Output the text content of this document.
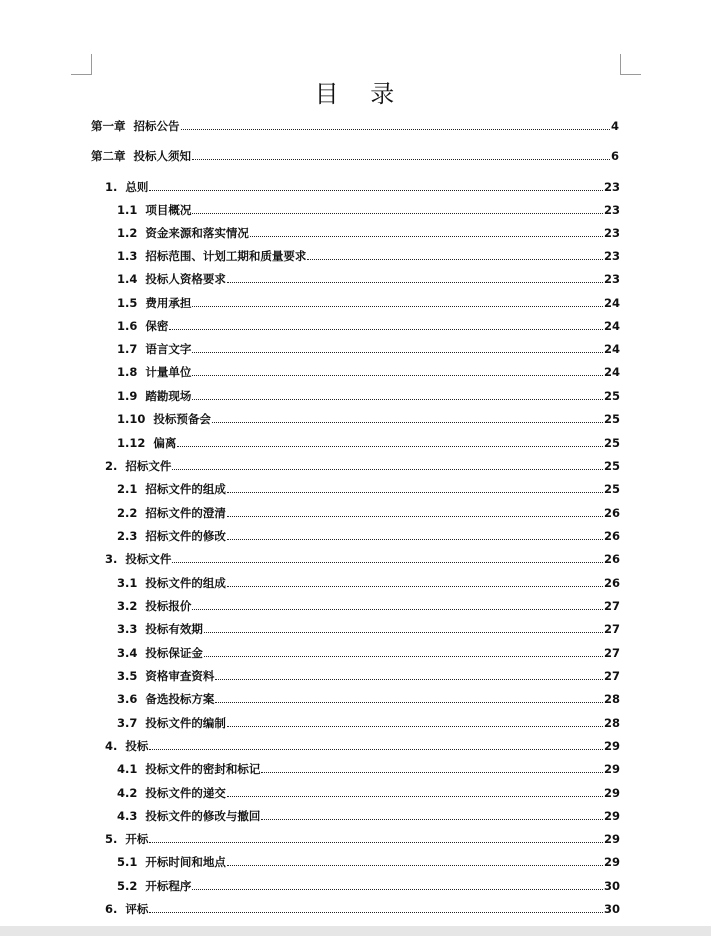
目 录
第一章 招标公告	4
第二章 投标人须知	6
1. 总则	23
1.1 项目概况	23
1.2 资金来源和落实情况	23
1.3 招标范围、计划工期和质量要求	23
1.4 投标人资格要求	23
1.5 费用承担	24
1.6 保密	24
1.7 语言文字	24
1.8 计量单位	24
1.9 踏勘现场	25
1.10 投标预备会	25
1.12 偏离	25
2. 招标文件	25
2.1 招标文件的组成	25
2.2 招标文件的澄清	26
2.3 招标文件的修改	26
3. 投标文件	26
3.1 投标文件的组成	26
3.2 投标报价	27
3.3 投标有效期	27
3.4 投标保证金	27
3.5 资格审查资料	27
3.6 备选投标方案	28
3.7 投标文件的编制	28
4. 投标	29
4.1 投标文件的密封和标记	29
4.2 投标文件的递交	29
4.3 投标文件的修改与撤回	29
5. 开标	29
5.1 开标时间和地点	29
5.2 开标程序	30
6. 评标	30
